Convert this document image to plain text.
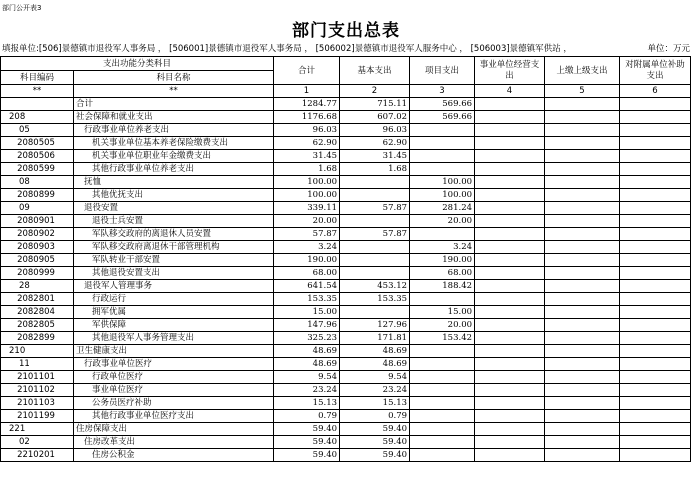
部门公开表3
部门支出总表
填报单位:[506]景德镇市退役军人事务局 ， [506001]景德镇市退役军人事务局 ， [506002]景德镇市退役军人服务中心 ， [506003]景德镇军供站 ，	单位：万元
支出功能分类科目		合计	基本支出	项目支出	事业单位经营支出	上缴上级支出	对附属单位补助支出
科目编码	科目名称						
**	**	1	2	3	4	5	6
	合计	1284.77	715.11	569.66			
208	社会保障和就业支出	1176.68	607.02	569.66			
05	行政事业单位养老支出	96.03	96.03				
2080505	机关事业单位基本养老保险缴费支出	62.90	62.90				
2080506	机关事业单位职业年金缴费支出	31.45	31.45				
2080599	其他行政事业单位养老支出	1.68	1.68				
08	抚恤	100.00		100.00			
2080899	其他优抚支出	100.00		100.00			
09	退役安置	339.11	57.87	281.24			
2080901	退役士兵安置	20.00		20.00			
2080902	军队移交政府的离退休人员安置	57.87	57.87				
2080903	军队移交政府离退休干部管理机构	3.24		3.24			
2080905	军队转业干部安置	190.00		190.00			
2080999	其他退役安置支出	68.00		68.00			
28	退役军人管理事务	641.54	453.12	188.42			
2082801	行政运行	153.35	153.35				
2082804	拥军优属	15.00		15.00			
2082805	军供保障	147.96	127.96	20.00			
2082899	其他退役军人事务管理支出	325.23	171.81	153.42			
210	卫生健康支出	48.69	48.69				
11	行政事业单位医疗	48.69	48.69				
2101101	行政单位医疗	9.54	9.54				
2101102	事业单位医疗	23.24	23.24				
2101103	公务员医疗补助	15.13	15.13				
2101199	其他行政事业单位医疗支出	0.79	0.79				
221	住房保障支出	59.40	59.40				
02	住房改革支出	59.40	59.40				
2210201	住房公积金	59.40	59.40				
